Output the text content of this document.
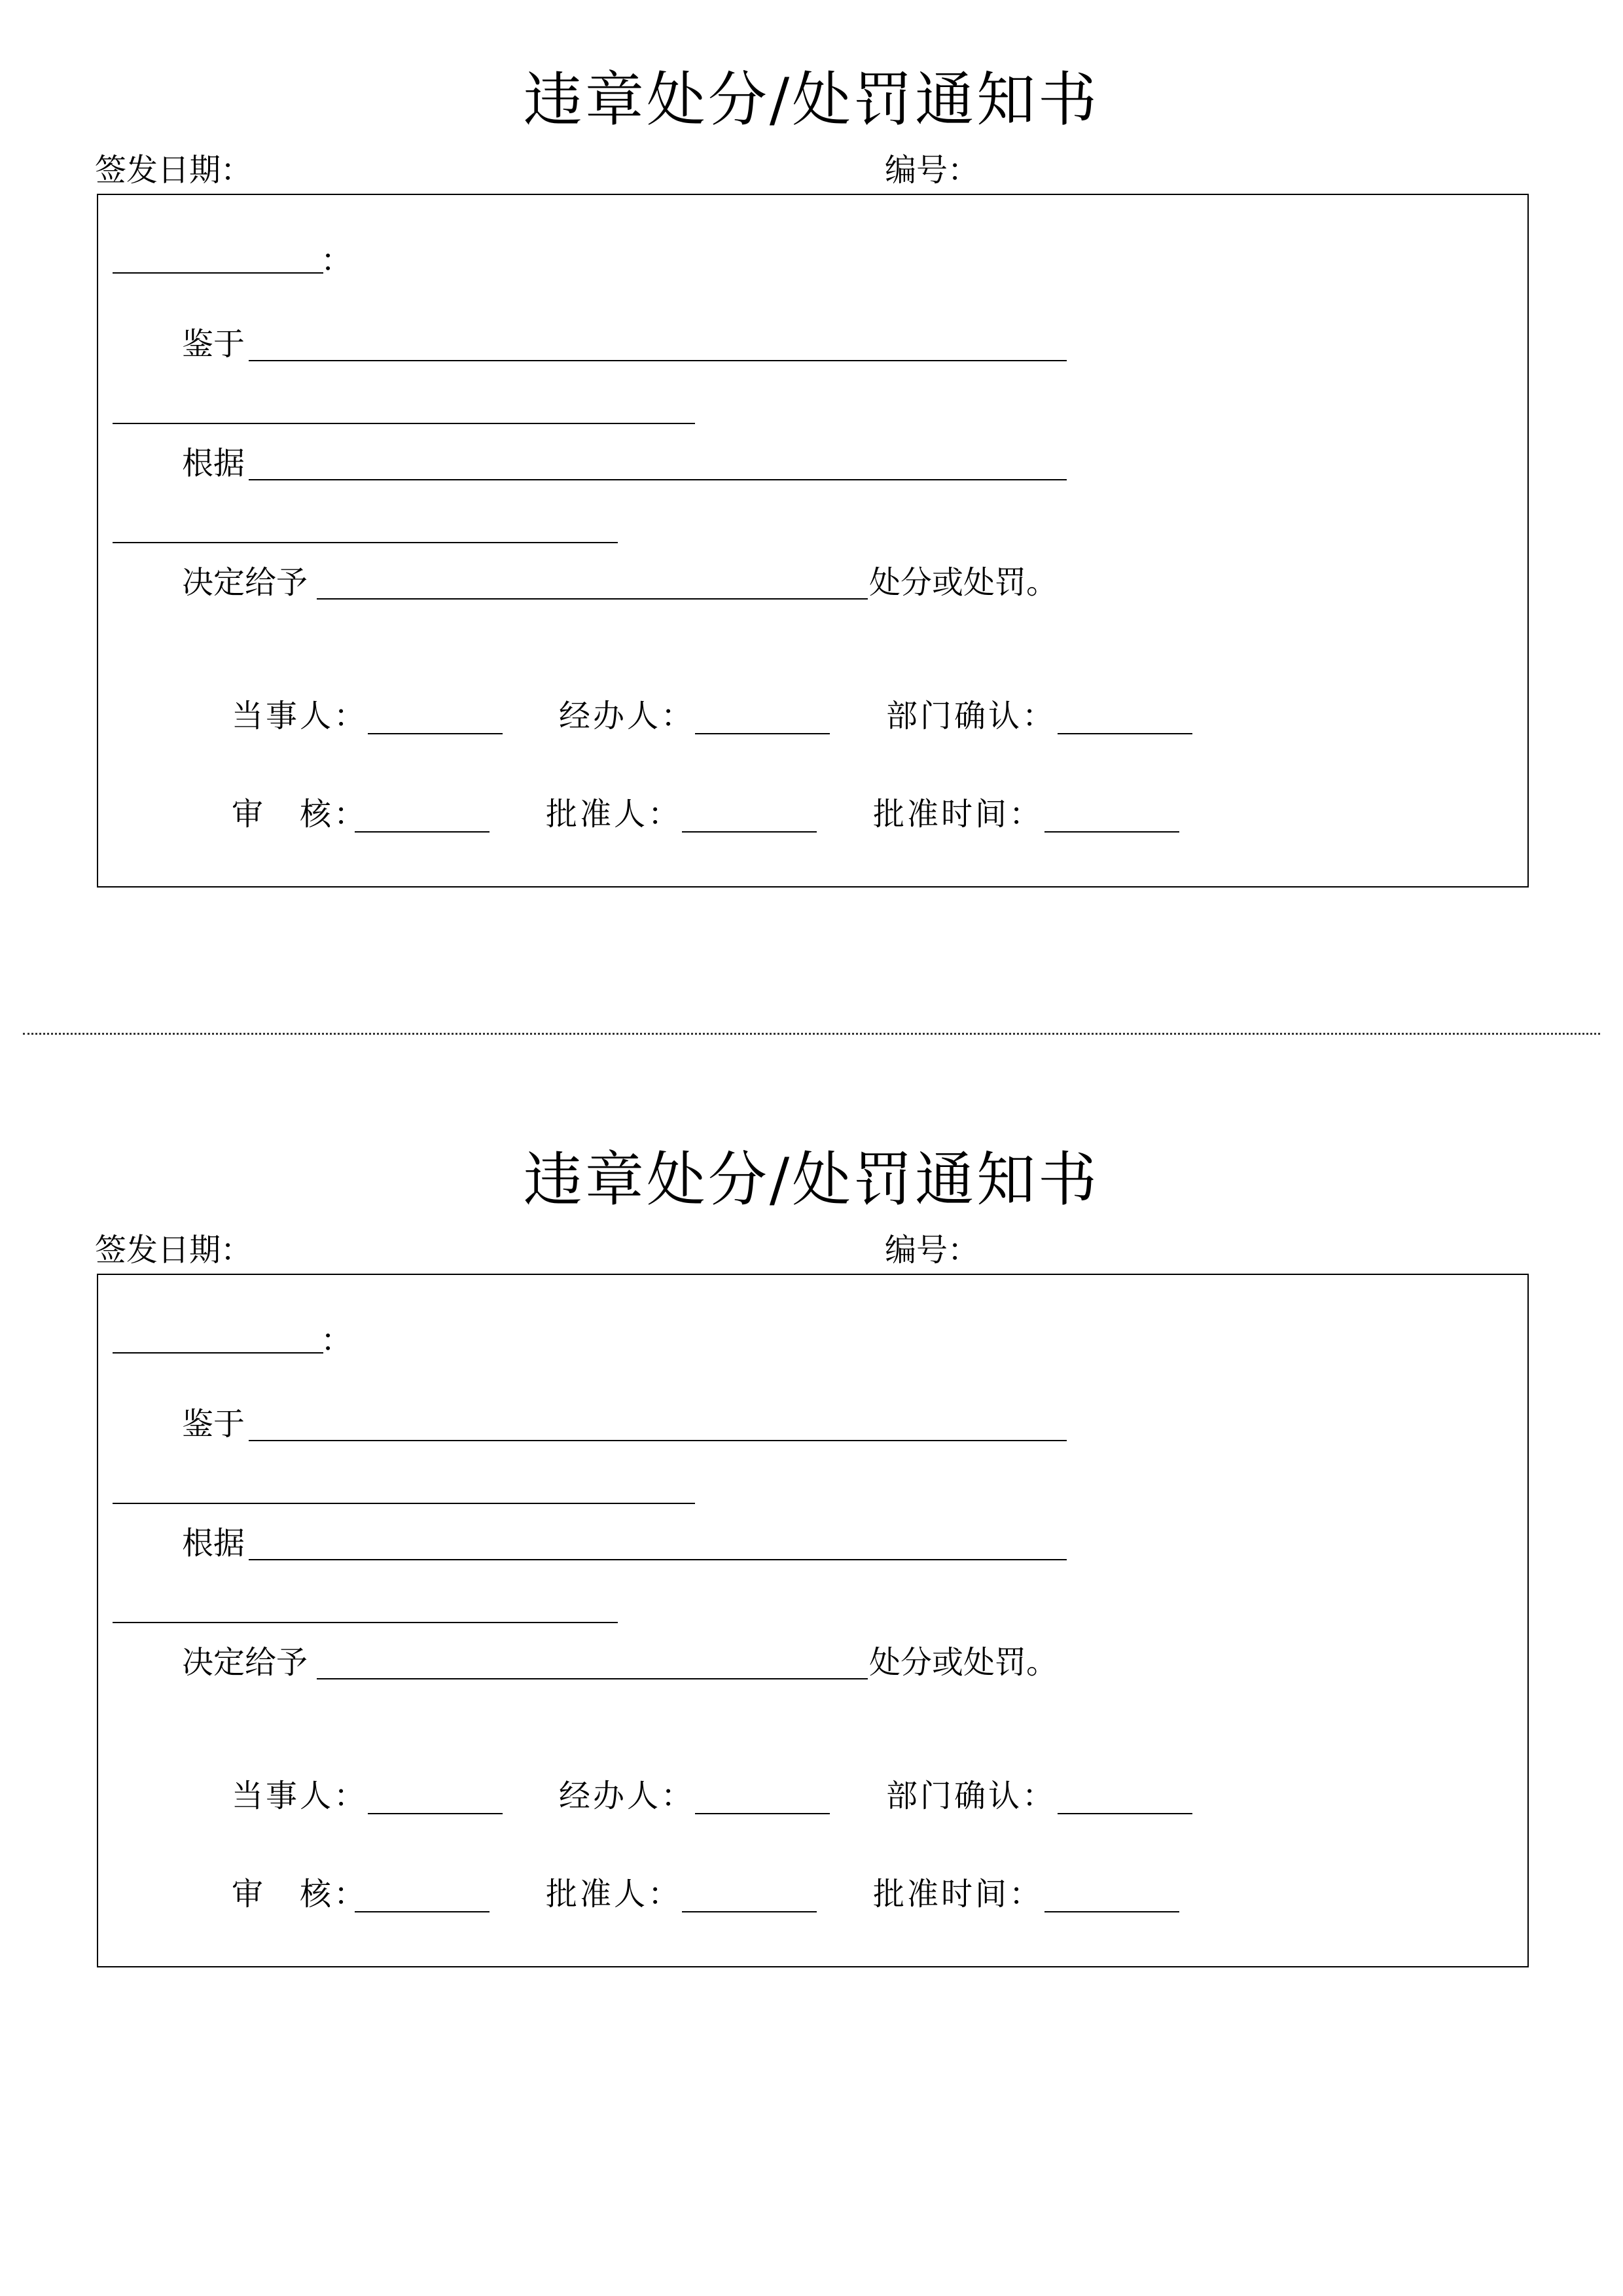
违章处分/处罚通知书
签发日期：	编号：
：
鉴于
根据
决定给予	处分或处罚。
当事人：	经办人：	部门确认：
审　核：	批准人：	批准时间：
违章处分/处罚通知书
签发日期：	编号：
：
鉴于
根据
决定给予	处分或处罚。
当事人：	经办人：	部门确认：
审　核：	批准人：	批准时间：
